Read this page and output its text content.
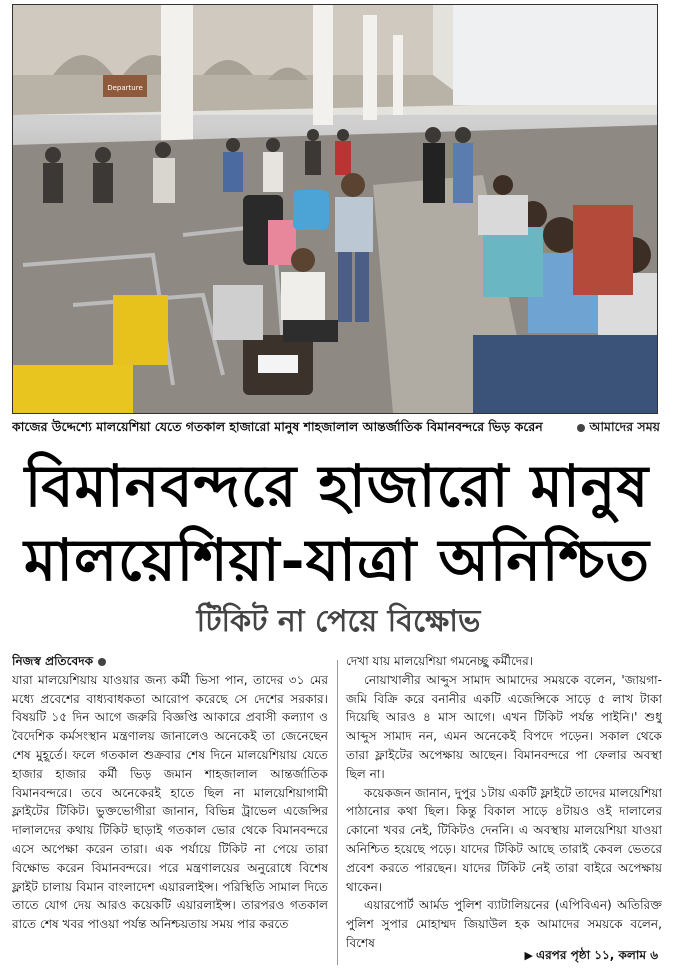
Departure
কাজের উদ্দেশ্যে মালয়েশিয়া যেতে গতকাল হাজারো মানুষ শাহজালাল আন্তর্জাতিক বিমানবন্দরে ভিড় করেন	আমাদের সময়
বিমানবন্দরে হাজারো মানুষ
মালয়েশিয়া-যাত্রা অনিশ্চিত
টিকিট না পেয়ে বিক্ষোভ
নিজস্ব প্রতিবেদক

যারা মালয়েশিয়ায় যাওয়ার জন্য কর্মী ভিসা পান, তাদের ৩১ মের মধ্যে প্রবেশের বাধ্যবাধকতা আরোপ করেছে সে দেশের সরকার। বিষয়টি ১৫ দিন আগে জরুরি বিজ্ঞপ্তি আকারে প্রবাসী কল্যাণ ও বৈদেশিক কর্মসংস্থান মন্ত্রণালয় জানালেও অনেকেই তা জেনেছেন শেষ মুহূর্তে। ফলে গতকাল শুক্রবার শেষ দিনে মালয়েশিয়ায় যেতে হাজার হাজার কর্মী ভিড় জমান শাহজালাল আন্তর্জাতিক বিমানবন্দরে। তবে অনেকেরই হাতে ছিল না মালয়েশিয়াগামী ফ্লাইটের টিকিট। ভুক্তভোগীরা জানান, বিভিন্ন ট্রাভেল এজেন্সির দালালদের কথায় টিকিট ছাড়াই গতকাল ভোর থেকে বিমানবন্দরে এসে অপেক্ষা করেন তারা। এক পর্যায়ে টিকিট না পেয়ে তারা বিক্ষোভ করেন বিমানবন্দরে। পরে মন্ত্রণালয়ের অনুরোধে বিশেষ ফ্লাইট চালায় বিমান বাংলাদেশ এয়ারলাইন্স। পরিস্থিতি সামাল দিতে তাতে যোগ দেয় আরও কয়েকটি এয়ারলাইন্স। তারপরও গতকাল রাতে শেষ খবর পাওয়া পর্যন্ত অনিশ্চয়তায় সময় পার করতে

দেখা যায় মালয়েশিয়া গমনেচ্ছু কর্মীদের।

নোয়াখালীর আব্দুস সামাদ আমাদের সময়কে বলেন, 'জায়গা-জমি বিক্রি করে বনানীর একটি এজেন্সিকে সাড়ে ৫ লাখ টাকা দিয়েছি আরও ৪ মাস আগে। এখন টিকিট পর্যন্ত পাইনি।' শুধু আব্দুস সামাদ নন, এমন অনেকেই বিপদে পড়েন। সকাল থেকে তারা ফ্লাইটের অপেক্ষায় আছেন। বিমানবন্দরে পা ফেলার অবস্থা ছিল না।

কয়েকজন জানান, দুপুর ১টায় একটি ফ্লাইটে তাদের মালয়েশিয়া পাঠানোর কথা ছিল। কিন্তু বিকাল সাড়ে ৪টায়ও ওই দালালের কোনো খবর নেই, টিকিটও দেননি। এ অবস্থায় মালয়েশিয়া যাওয়া অনিশ্চিত হয়েছে পড়ে। যাদের টিকিট আছে তারাই কেবল ভেতরে প্রবেশ করতে পারছেন। যাদের টিকিট নেই তারা বাইরে অপেক্ষায় থাকেন।

এয়ারপোর্ট আর্মড পুলিশ ব্যাটালিয়নের (এপিবিএন) অতিরিক্ত পুলিশ সুপার মোহাম্মদ জিয়াউল হক আমাদের সময়কে বলেন, বিশেষ

▶ এরপর পৃষ্ঠা ১১, কলাম ৬
